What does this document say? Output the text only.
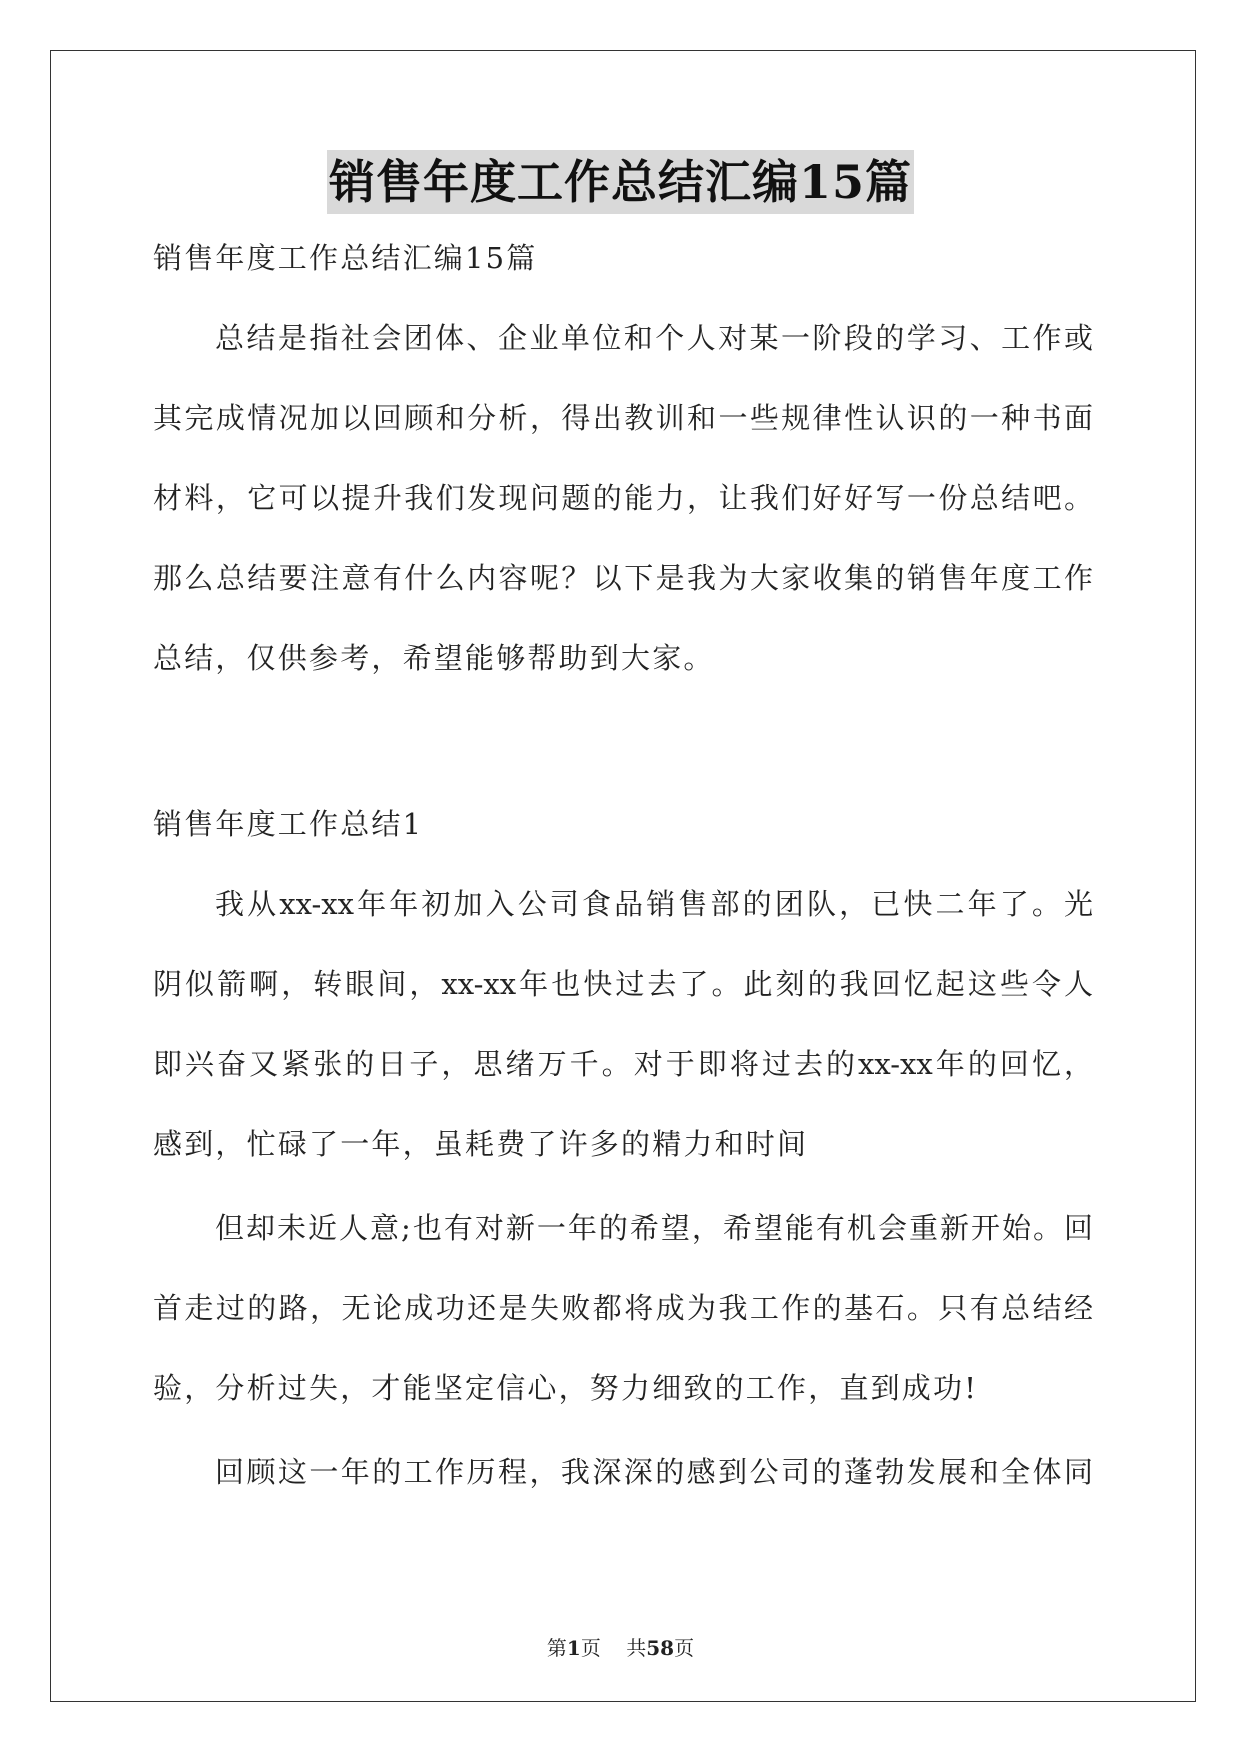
销售年度工作总结汇编15篇
销售年度工作总结汇编15篇
总结是指社会团体、企业单位和个人对某一阶段的学习、工作或
其完成情况加以回顾和分析，得出教训和一些规律性认识的一种书面
材料，它可以提升我们发现问题的能力，让我们好好写一份总结吧。
那么总结要注意有什么内容呢？以下是我为大家收集的销售年度工作
总结，仅供参考，希望能够帮助到大家。
销售年度工作总结1
我从xx-xx年年初加入公司食品销售部的团队，已快二年了。光
阴似箭啊，转眼间，xx-xx年也快过去了。此刻的我回忆起这些令人
即兴奋又紧张的日子，思绪万千。对于即将过去的xx-xx年的回忆，
感到，忙碌了一年，虽耗费了许多的精力和时间
但却未近人意;也有对新一年的希望，希望能有机会重新开始。回
首走过的路，无论成功还是失败都将成为我工作的基石。只有总结经
验，分析过失，才能坚定信心，努力细致的工作，直到成功!
回顾这一年的工作历程，我深深的感到公司的蓬勃发展和全体同
第1页 共58页
